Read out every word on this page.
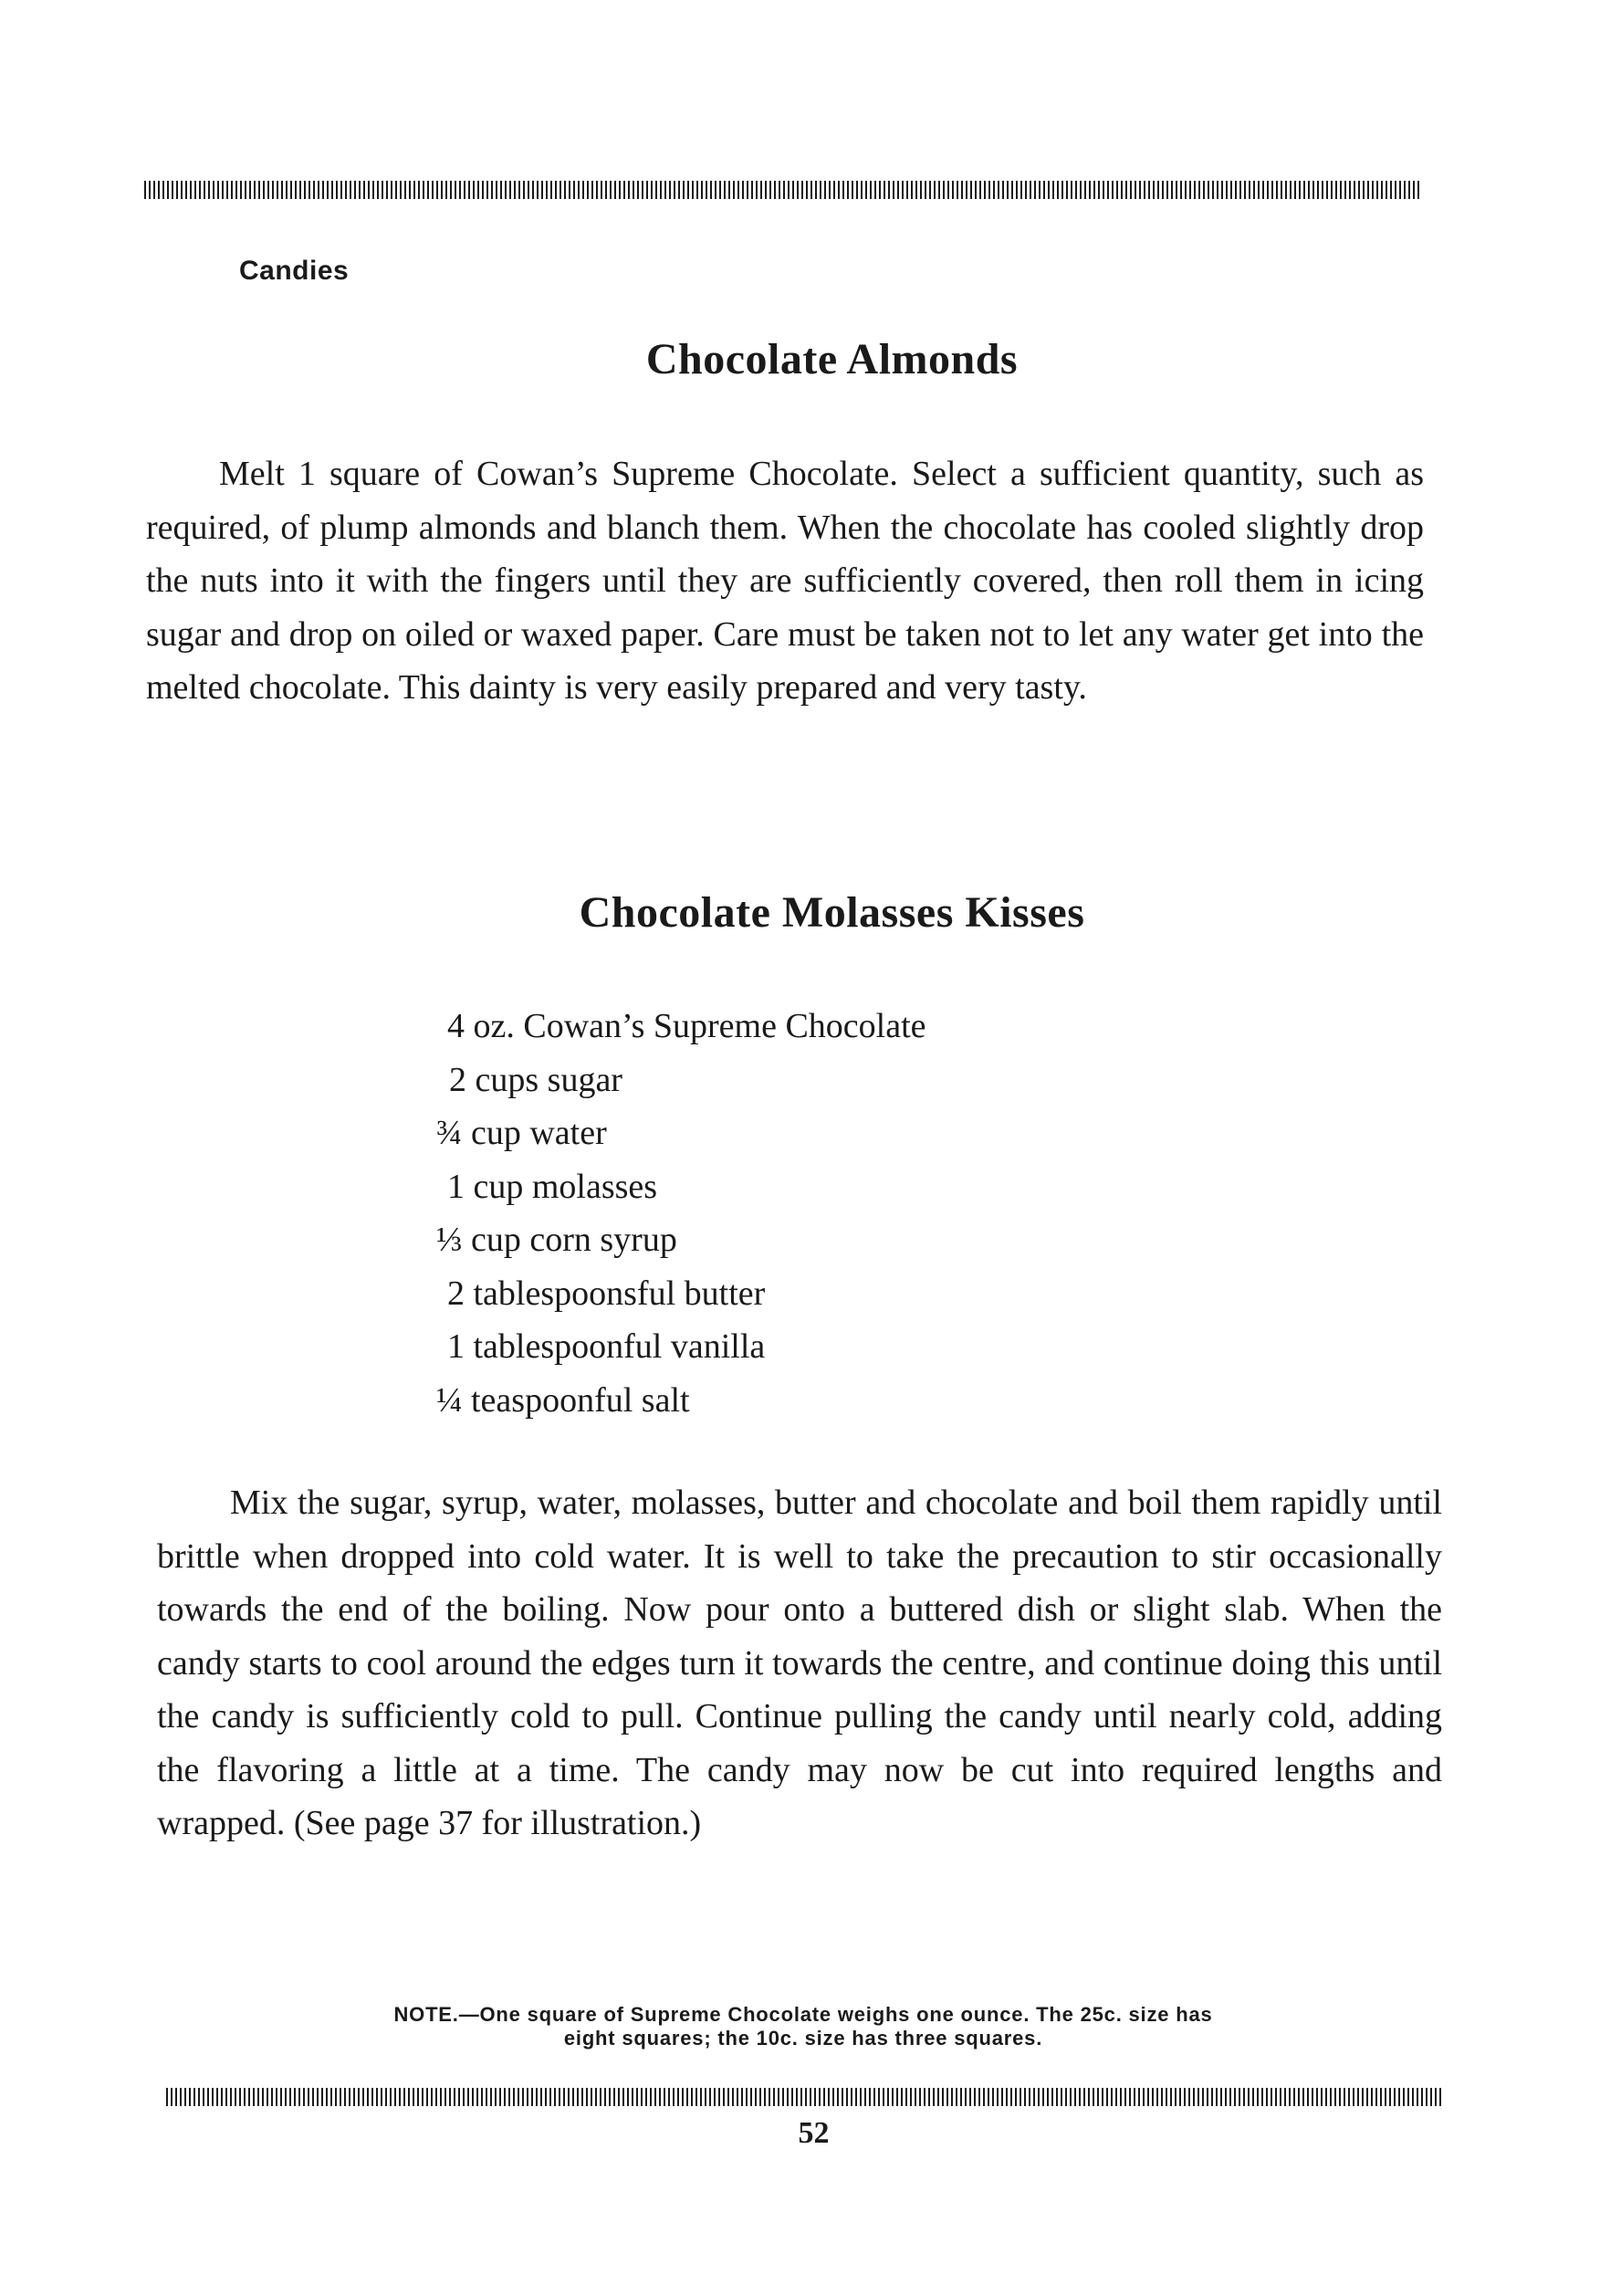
Candies
Chocolate Almonds

Melt 1 square of Cowan’s Supreme Chocolate. Select a sufficient quantity, such as required, of plump almonds and blanch them. When the chocolate has cooled slightly drop the nuts into it with the fingers until they are sufficiently covered, then roll them in icing sugar and drop on oiled or waxed paper. Care must be taken not to let any water get into the melted chocolate. This dainty is very easily prepared and very tasty.

Chocolate Molasses Kisses
4 oz. Cowan’s Supreme Chocolate
2 cups sugar
¾ cup water
1 cup molasses
⅓ cup corn syrup
2 tablespoonsful butter
1 tablespoonful vanilla
¼ teaspoonful salt

Mix the sugar, syrup, water, molasses, butter and chocolate and boil them rapidly until brittle when dropped into cold water. It is well to take the precaution to stir occasionally towards the end of the boiling. Now pour onto a buttered dish or slight slab. When the candy starts to cool around the edges turn it towards the centre, and continue doing this until the candy is sufficiently cold to pull. Continue pulling the candy until nearly cold, adding the flavoring a little at a time. The candy may now be cut into required lengths and wrapped. (See page 37 for illustration.)

NOTE.—One square of Supreme Chocolate weighs one ounce. The 25c. size has
eight squares; the 10c. size has three squares.
52
